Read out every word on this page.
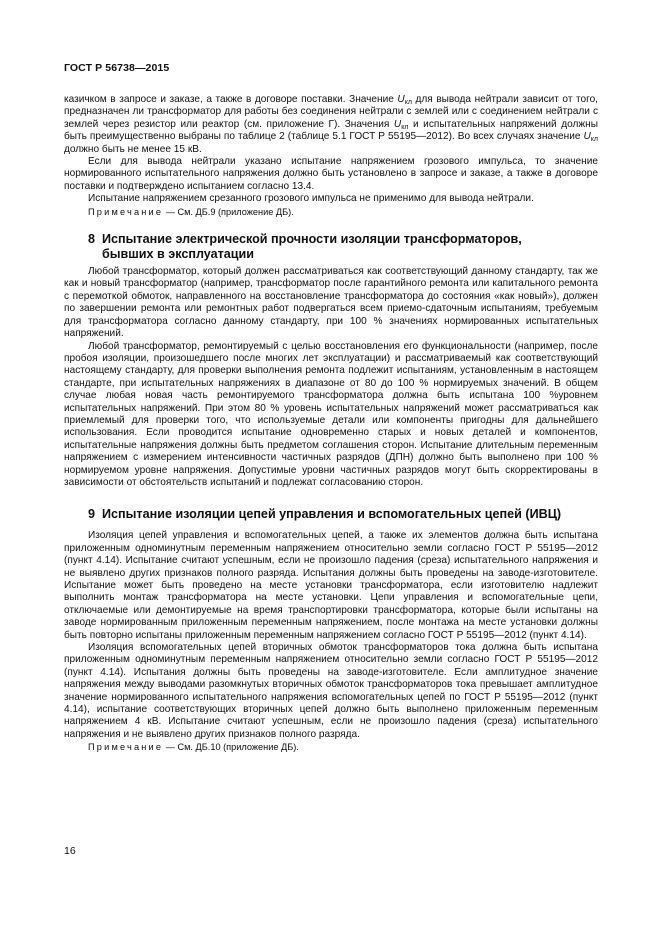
ГОСТ Р 56738—2015

казичком в запросе и заказе, а также в договоре поставки. Значение $U_{кл}$ для вывода нейтрали зависит от того, предназначен ли трансформатор для работы без соединения нейтрали с землей или с соединением нейтрали с землей через резистор или реактор (см. приложение Г). Значения $U_{кл}$ и испытательных напряжений должны быть преимущественно выбраны по таблице 2 (таблице 5.1 ГОСТ Р 55195—2012). Во всех случаях значение $U_{кл}$ должно быть не менее 15 кВ.

Если для вывода нейтрали указано испытание напряжением грозового импульса, то значение нормированного испытательного напряжения должно быть установлено в запросе и заказе, а также в договоре поставки и подтверждено испытанием согласно 13.4.

Испытание напряжением срезанного грозового импульса не применимо для вывода нейтрали.

Примечание — См. ДБ.9 (приложение ДБ).

8 Испытание электрической прочности изоляции трансформаторов,
бывших в эксплуатации

Любой трансформатор, который должен рассматриваться как соответствующий данному стандарту, так же как и новый трансформатор (например, трансформатор после гарантийного ремонта или капитального ремонта с перемоткой обмоток, направленного на восстановление трансформатора до состояния «как новый»), должен по завершении ремонта или ремонтных работ подвергаться всем приемо-сдаточным испытаниям, требуемым для трансформатора согласно данному стандарту, при 100 % значениях нормированных испытательных напряжений.

Любой трансформатор, ремонтируемый с целью восстановления его функциональности (например, после пробоя изоляции, произошедшего после многих лет эксплуатации) и рассматриваемый как соответствующий настоящему стандарту, для проверки выполнения ремонта подлежит испытаниям, установленным в настоящем стандарте, при испытательных напряжениях в диапазоне от 80 до 100 % нормируемых значений. В общем случае любая новая часть ремонтируемого трансформатора должна быть испытана 100 %уровнем испытательных напряжений. При этом 80 % уровень испытательных напряжений может рассматриваться как приемлемый для проверки того, что используемые детали или компоненты пригодны для дальнейшего использования. Если проводится испытание одновременно старых и новых деталей и компонентов, испытательные напряжения должны быть предметом соглашения сторон. Испытание длительным переменным напряжением с измерением интенсивности частичных разрядов (ДПН) должно быть выполнено при 100 % нормируемом уровне напряжения. Допустимые уровни частичных разрядов могут быть скорректированы в зависимости от обстоятельств испытаний и подлежат согласованию сторон.

9 Испытание изоляции цепей управления и вспомогательных цепей (ИВЦ)

Изоляция цепей управления и вспомогательных цепей, а также их элементов должна быть испытана приложенным одноминутным переменным напряжением относительно земли согласно ГОСТ Р 55195—2012 (пункт 4.14). Испытание считают успешным, если не произошло падения (среза) испытательного напряжения и не выявлено других признаков полного разряда. Испытания должны быть проведены на заводе-изготовителе. Испытание может быть проведено на месте установки трансформатора, если изготовителю надлежит выполнить монтаж трансформатора на месте установки. Цепи управления и вспомогательные цепи, отключаемые или демонтируемые на время транспортировки трансформатора, которые были испытаны на заводе нормированным приложенным переменным напряжением, после монтажа на месте установки должны быть повторно испытаны приложенным переменным напряжением согласно ГОСТ Р 55195—2012 (пункт 4.14).

Изоляция вспомогательных цепей вторичных обмоток трансформаторов тока должна быть испытана приложенным одноминутным переменным напряжением относительно земли согласно ГОСТ Р 55195—2012 (пункт 4.14). Испытания должны быть проведены на заводе-изготовителе. Если амплитудное значение напряжения между выводами разомкнутых вторичных обмоток трансформаторов тока превышает амплитудное значение нормированного испытательного напряжения вспомогательных цепей по ГОСТ Р 55195—2012 (пункт 4.14), испытание соответствующих вторичных цепей должно быть выполнено приложенным переменным напряжением 4 кВ. Испытание считают успешным, если не произошло падения (среза) испытательного напряжения и не выявлено других признаков полного разряда.

Примечание — См. ДБ.10 (приложение ДБ).

16
